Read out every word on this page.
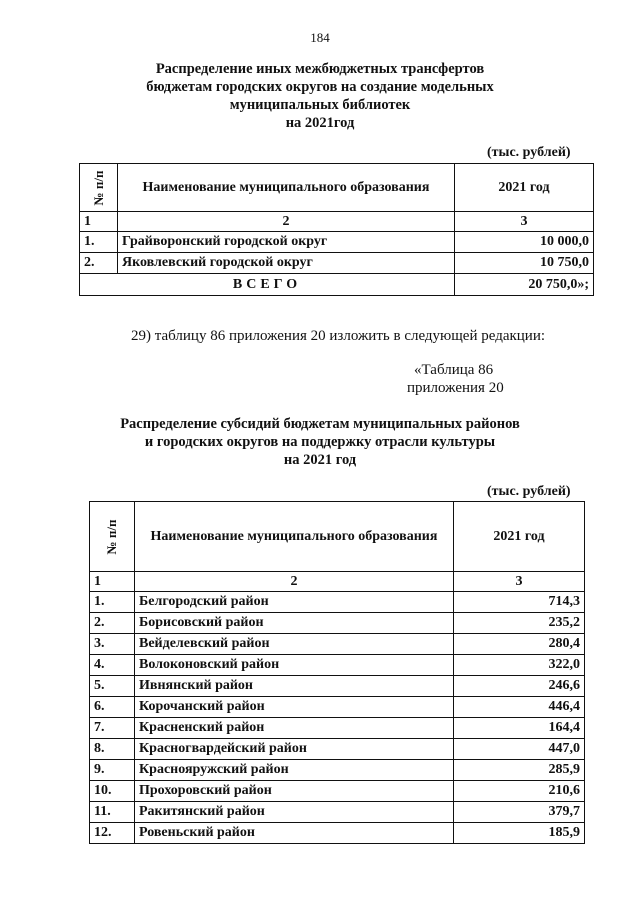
184
Распределение иных межбюджетных трансфертов
бюджетам городских округов на создание модельных
муниципальных библиотек
на 2021год
(тыс. рублей)
№ п/п	Наименование муниципального образования	2021 год
1	2	3
1.	Грайворонский городской округ	10 000,0
2.	Яковлевский городской округ	10 750,0
ВСЕГО		20 750,0»;
29) таблицу 86 приложения 20 изложить в следующей редакции:
«Таблица 86
приложения 20
Распределение субсидий бюджетам муниципальных районов
и городских округов на поддержку отрасли культуры
на 2021 год
(тыс. рублей)
№ п/п	Наименование муниципального образования	2021 год
1	2	3
1.	Белгородский район	714,3
2.	Борисовский район	235,2
3.	Вейделевский район	280,4
4.	Волоконовский район	322,0
5.	Ивнянский район	246,6
6.	Корочанский район	446,4
7.	Красненский район	164,4
8.	Красногвардейский район	447,0
9.	Краснояружский район	285,9
10.	Прохоровский район	210,6
11.	Ракитянский район	379,7
12.	Ровеньский район	185,9
